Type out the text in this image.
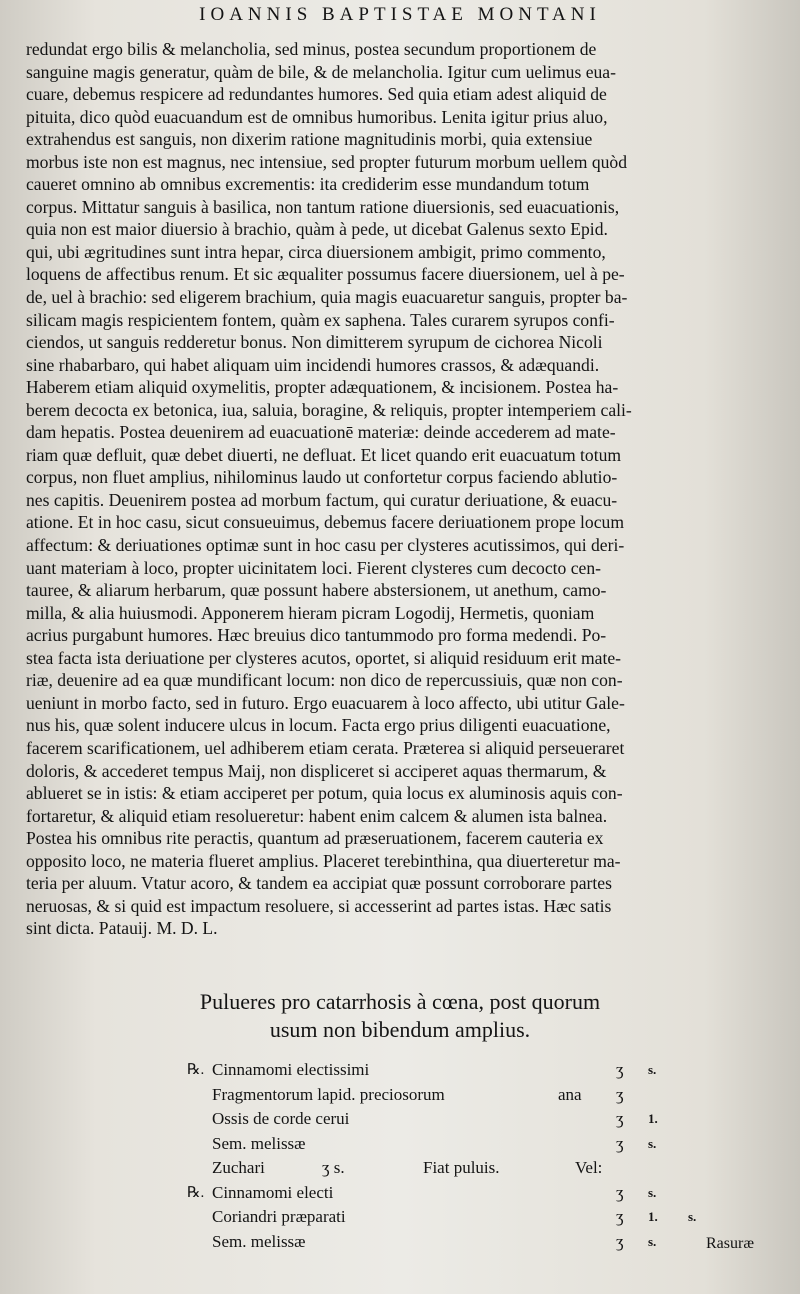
IOANNIS BAPTISTAE MONTANI
redundat ergo bilis & melancholia, sed minus, postea secundum proportionem de
sanguine magis generatur, quàm de bile, & de melancholia. Igitur cum uelimus eua-
cuare, debemus respicere ad redundantes humores. Sed quia etiam adest aliquid de
pituita, dico quòd euacuandum est de omnibus humoribus. Lenita igitur prius aluo,
extrahendus est sanguis, non dixerim ratione magnitudinis morbi, quia extensiue
morbus iste non est magnus, nec intensiue, sed propter futurum morbum uellem quòd
caueret omnino ab omnibus excrementis: ita crediderim esse mundandum totum
corpus. Mittatur sanguis à basilica, non tantum ratione diuersionis, sed euacuationis,
quia non est maior diuersio à brachio, quàm à pede, ut dicebat Galenus sexto Epid.
qui, ubi ægritudines sunt intra hepar, circa diuersionem ambigit, primo commento,
loquens de affectibus renum. Et sic æqualiter possumus facere diuersionem, uel à pe-
de, uel à brachio: sed eligerem brachium, quia magis euacuaretur sanguis, propter ba-
silicam magis respicientem fontem, quàm ex saphena. Tales curarem syrupos confi-
ciendos, ut sanguis redderetur bonus. Non dimitterem syrupum de cichorea Nicoli
sine rhabarbaro, qui habet aliquam uim incidendi humores crassos, & adæquandi.
Haberem etiam aliquid oxymelitis, propter adæquationem, & incisionem. Postea ha-
berem decocta ex betonica, iua, saluia, boragine, & reliquis, propter intemperiem cali-
dam hepatis. Postea deuenirem ad euacuationē materiæ: deinde accederem ad mate-
riam quæ defluit, quæ debet diuerti, ne defluat. Et licet quando erit euacuatum totum
corpus, non fluet amplius, nihilominus laudo ut confortetur corpus faciendo ablutio-
nes capitis. Deuenirem postea ad morbum factum, qui curatur deriuatione, & euacu-
atione. Et in hoc casu, sicut consueuimus, debemus facere deriuationem prope locum
affectum: & deriuationes optimæ sunt in hoc casu per clysteres acutissimos, qui deri-
uant materiam à loco, propter uicinitatem loci. Fierent clysteres cum decocto cen-
tauree, & aliarum herbarum, quæ possunt habere abstersionem, ut anethum, camo-
milla, & alia huiusmodi. Apponerem hieram picram Logodij, Hermetis, quoniam
acrius purgabunt humores. Hæc breuius dico tantummodo pro forma medendi. Po-
stea facta ista deriuatione per clysteres acutos, oportet, si aliquid residuum erit mate-
riæ, deuenire ad ea quæ mundificant locum: non dico de repercussiuis, quæ non con-
ueniunt in morbo facto, sed in futuro. Ergo euacuarem à loco affecto, ubi utitur Gale-
nus his, quæ solent inducere ulcus in locum. Facta ergo prius diligenti euacuatione,
facerem scarificationem, uel adhiberem etiam cerata. Præterea si aliquid perseueraret
doloris, & accederet tempus Maij, non displiceret si acciperet aquas thermarum, &
ablueret se in istis: & etiam acciperet per potum, quia locus ex aluminosis aquis con-
fortaretur, & aliquid etiam resolueretur: habent enim calcem & alumen ista balnea.
Postea his omnibus rite peractis, quantum ad præseruationem, facerem cauteria ex
opposito loco, ne materia flueret amplius. Placeret terebinthina, qua diuerteretur ma-
teria per aluum. Vtatur acoro, & tandem ea accipiat quæ possunt corroborare partes
neruosas, & si quid est impactum resoluere, si accesserint ad partes istas. Hæc satis
sint dicta. Patauij. M. D. L.
Pulueres pro catarrhosis à cœna, post quorum
usum non bibendum amplius.
℞. Cinnamomi electissimi	ʒ s.
Fragmentorum lapid. preciosorum	ana ʒ
Ossis de corde cerui	ʒ 1.
Sem. melissæ	ʒ s.
Zuchari	ʒ s.	Fiat puluis.	Vel:
℞. Cinnamomi electi	ʒ s.
Coriandri præparati	ʒ 1. s.
Sem. melissæ	ʒ s.	Rasuræ
